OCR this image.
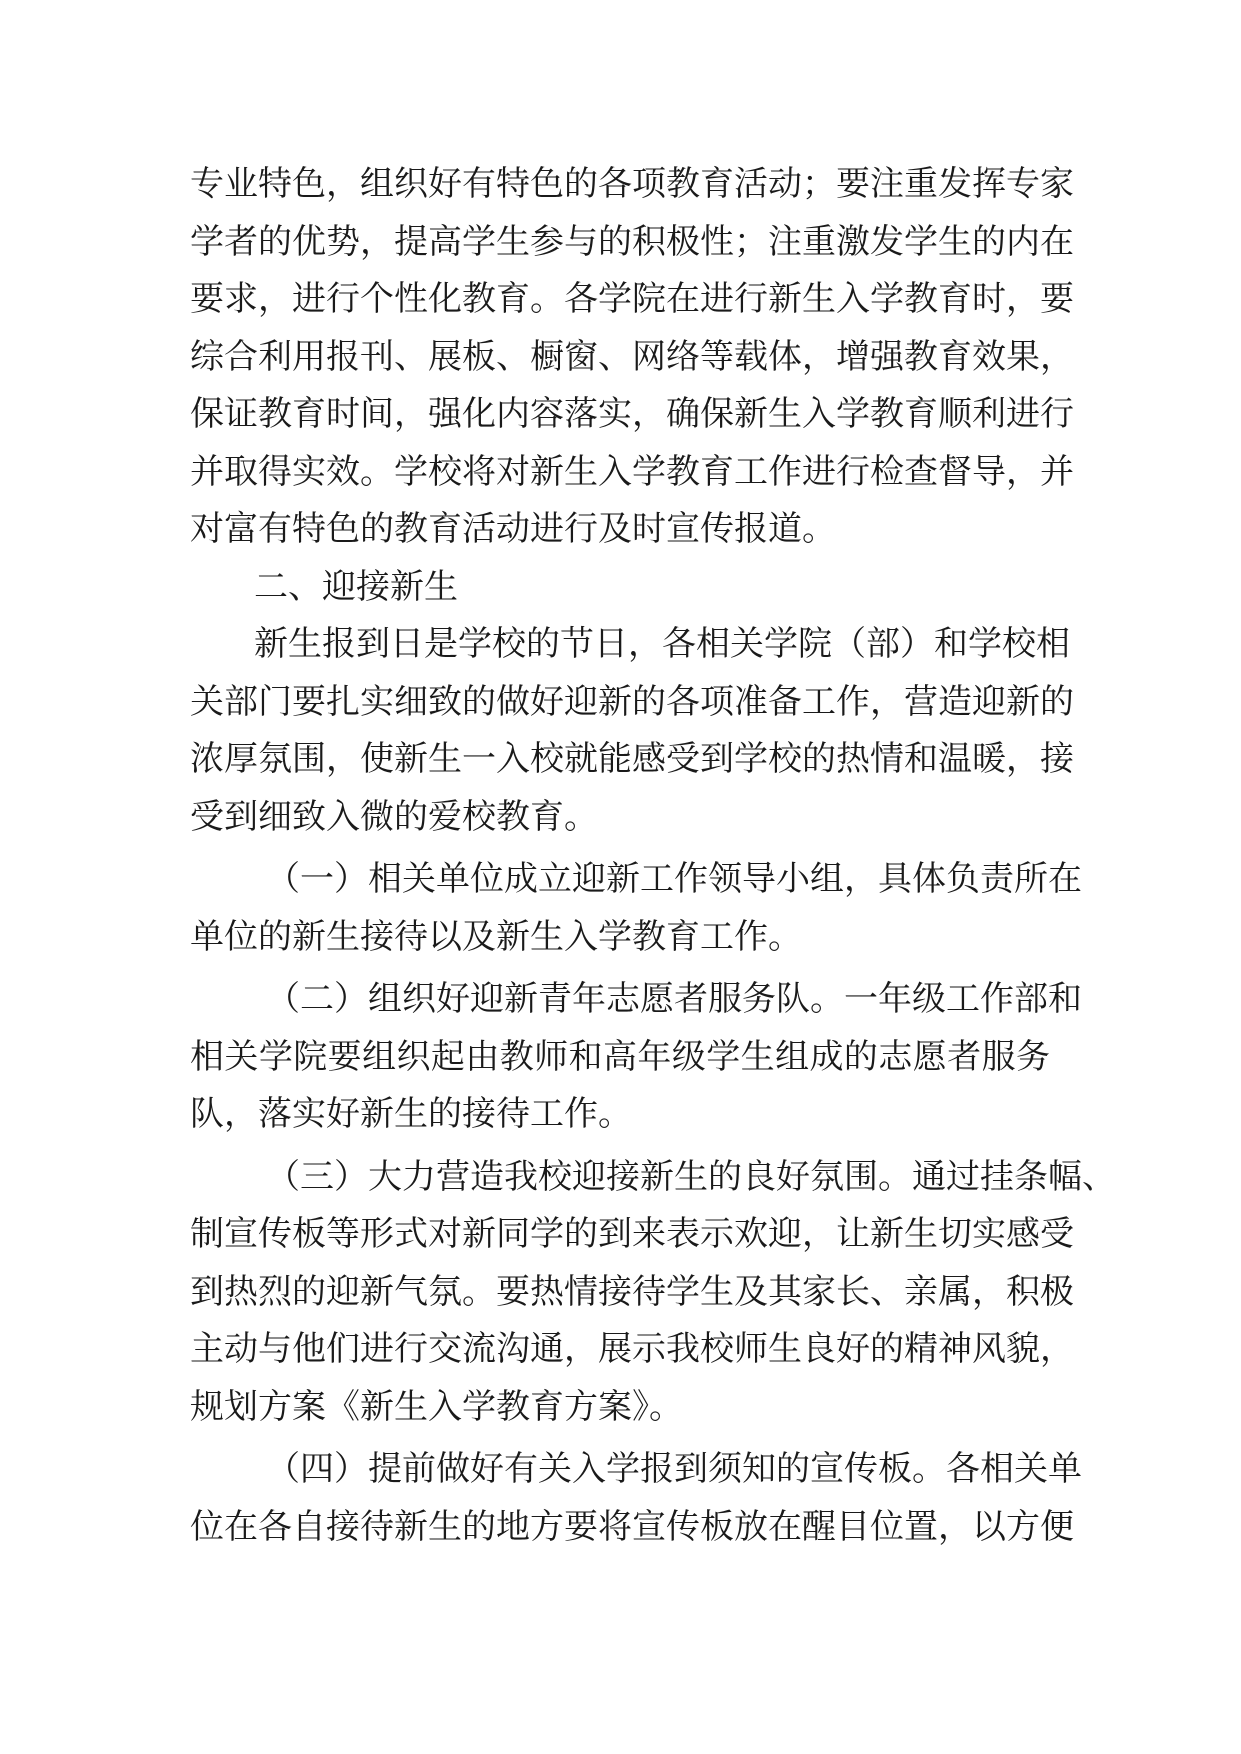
专业特色，组织好有特色的各项教育活动；要注重发挥专家
学者的优势，提高学生参与的积极性；注重激发学生的内在
要求，进行个性化教育。各学院在进行新生入学教育时，要
综合利用报刊、展板、橱窗、网络等载体，增强教育效果，
保证教育时间，强化内容落实，确保新生入学教育顺利进行
并取得实效。学校将对新生入学教育工作进行检查督导，并
对富有特色的教育活动进行及时宣传报道。
二、迎接新生
新生报到日是学校的节日，各相关学院（部）和学校相
关部门要扎实细致的做好迎新的各项准备工作，营造迎新的
浓厚氛围，使新生一入校就能感受到学校的热情和温暖，接
受到细致入微的爱校教育。
（一）相关单位成立迎新工作领导小组，具体负责所在
单位的新生接待以及新生入学教育工作。
（二）组织好迎新青年志愿者服务队。一年级工作部和
相关学院要组织起由教师和高年级学生组成的志愿者服务
队，落实好新生的接待工作。
（三）大力营造我校迎接新生的良好氛围。通过挂条幅、
制宣传板等形式对新同学的到来表示欢迎，让新生切实感受
到热烈的迎新气氛。要热情接待学生及其家长、亲属，积极
主动与他们进行交流沟通，展示我校师生良好的精神风貌，
规划方案《新生入学教育方案》。
（四）提前做好有关入学报到须知的宣传板。各相关单
位在各自接待新生的地方要将宣传板放在醒目位置，以方便
